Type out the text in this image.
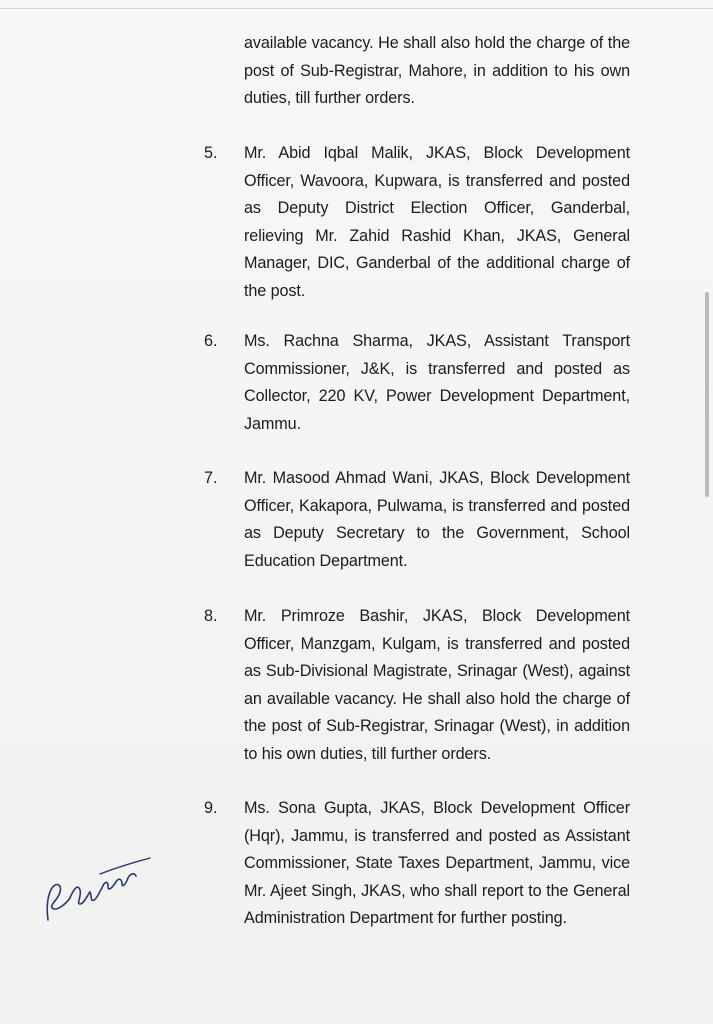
available vacancy. He shall also hold the charge of the post of Sub-Registrar, Mahore, in addition to his own duties, till further orders.
5.	Mr. Abid Iqbal Malik, JKAS, Block Development Officer, Wavoora, Kupwara, is transferred and posted as Deputy District Election Officer, Ganderbal, relieving Mr. Zahid Rashid Khan, JKAS, General Manager, DIC, Ganderbal of the additional charge of the post.
6.	Ms. Rachna Sharma, JKAS, Assistant Transport Commissioner, J&K, is transferred and posted as Collector, 220 KV, Power Development Department, Jammu.
7.	Mr. Masood Ahmad Wani, JKAS, Block Development Officer, Kakapora, Pulwama, is transferred and posted as Deputy Secretary to the Government, School Education Department.
8.	Mr. Primroze Bashir, JKAS, Block Development Officer, Manzgam, Kulgam, is transferred and posted as Sub-Divisional Magistrate, Srinagar (West), against an available vacancy. He shall also hold the charge of the post of Sub-Registrar, Srinagar (West), in addition to his own duties, till further orders.
9.	Ms. Sona Gupta, JKAS, Block Development Officer (Hqr), Jammu, is transferred and posted as Assistant Commissioner, State Taxes Department, Jammu, vice Mr. Ajeet Singh, JKAS, who shall report to the General Administration Department for further posting.
